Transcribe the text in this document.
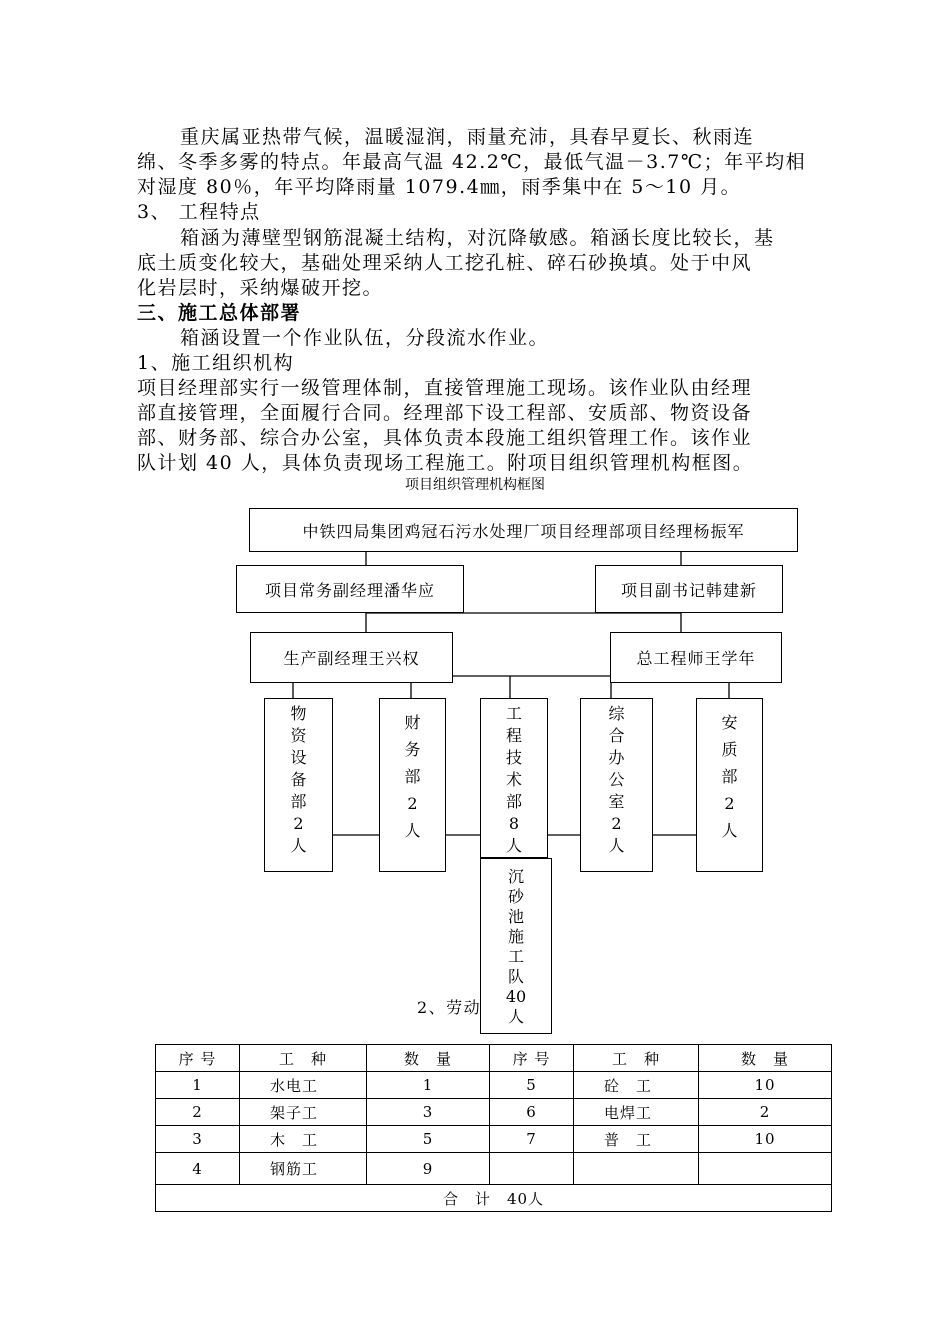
重庆属亚热带气候，温暖湿润，雨量充沛，具春早夏长、秋雨连
绵、冬季多雾的特点。年最高气温 42.2℃，最低气温－3.7℃；年平均相
对湿度 80％，年平均降雨量 1079.4㎜，雨季集中在 5～10 月。
3、 工程特点
箱涵为薄壁型钢筋混凝土结构，对沉降敏感。箱涵长度比较长，基
底土质变化较大，基础处理采纳人工挖孔桩、碎石砂换填。处于中风
化岩层时，采纳爆破开挖。
三、施工总体部署
箱涵设置一个作业队伍，分段流水作业。
1、施工组织机构
项目经理部实行一级管理体制，直接管理施工现场。该作业队由经理
部直接管理，全面履行合同。经理部下设工程部、安质部、物资设备
部、财务部、综合办公室，具体负责本段施工组织管理工作。该作业
队计划 40 人，具体负责现场工程施工。附项目组织管理机构框图。
项目组织管理机构框图
中铁四局集团鸡冠石污水处理厂项目经理部项目经理杨振军
项目常务副经理潘华应	项目副书记韩建新
生产副经理王兴权	总工程师王学年
物
资
设
备
部
2
人
财
务
部
2
人
工
程
技
术
部
8
人
综
合
办
公
室
2
人
安
质
部
2
人
沉
砂
池
施
工
队
40
人
2、劳动
序 号	工　种	数　量	序 号	工　种	数　量
1	水电工	1	5	砼　工	10
2	架子工	3	6	电焊工	2
3	木　工	5	7	普　工	10
4	钢筋工	9			
合　计　40人					
